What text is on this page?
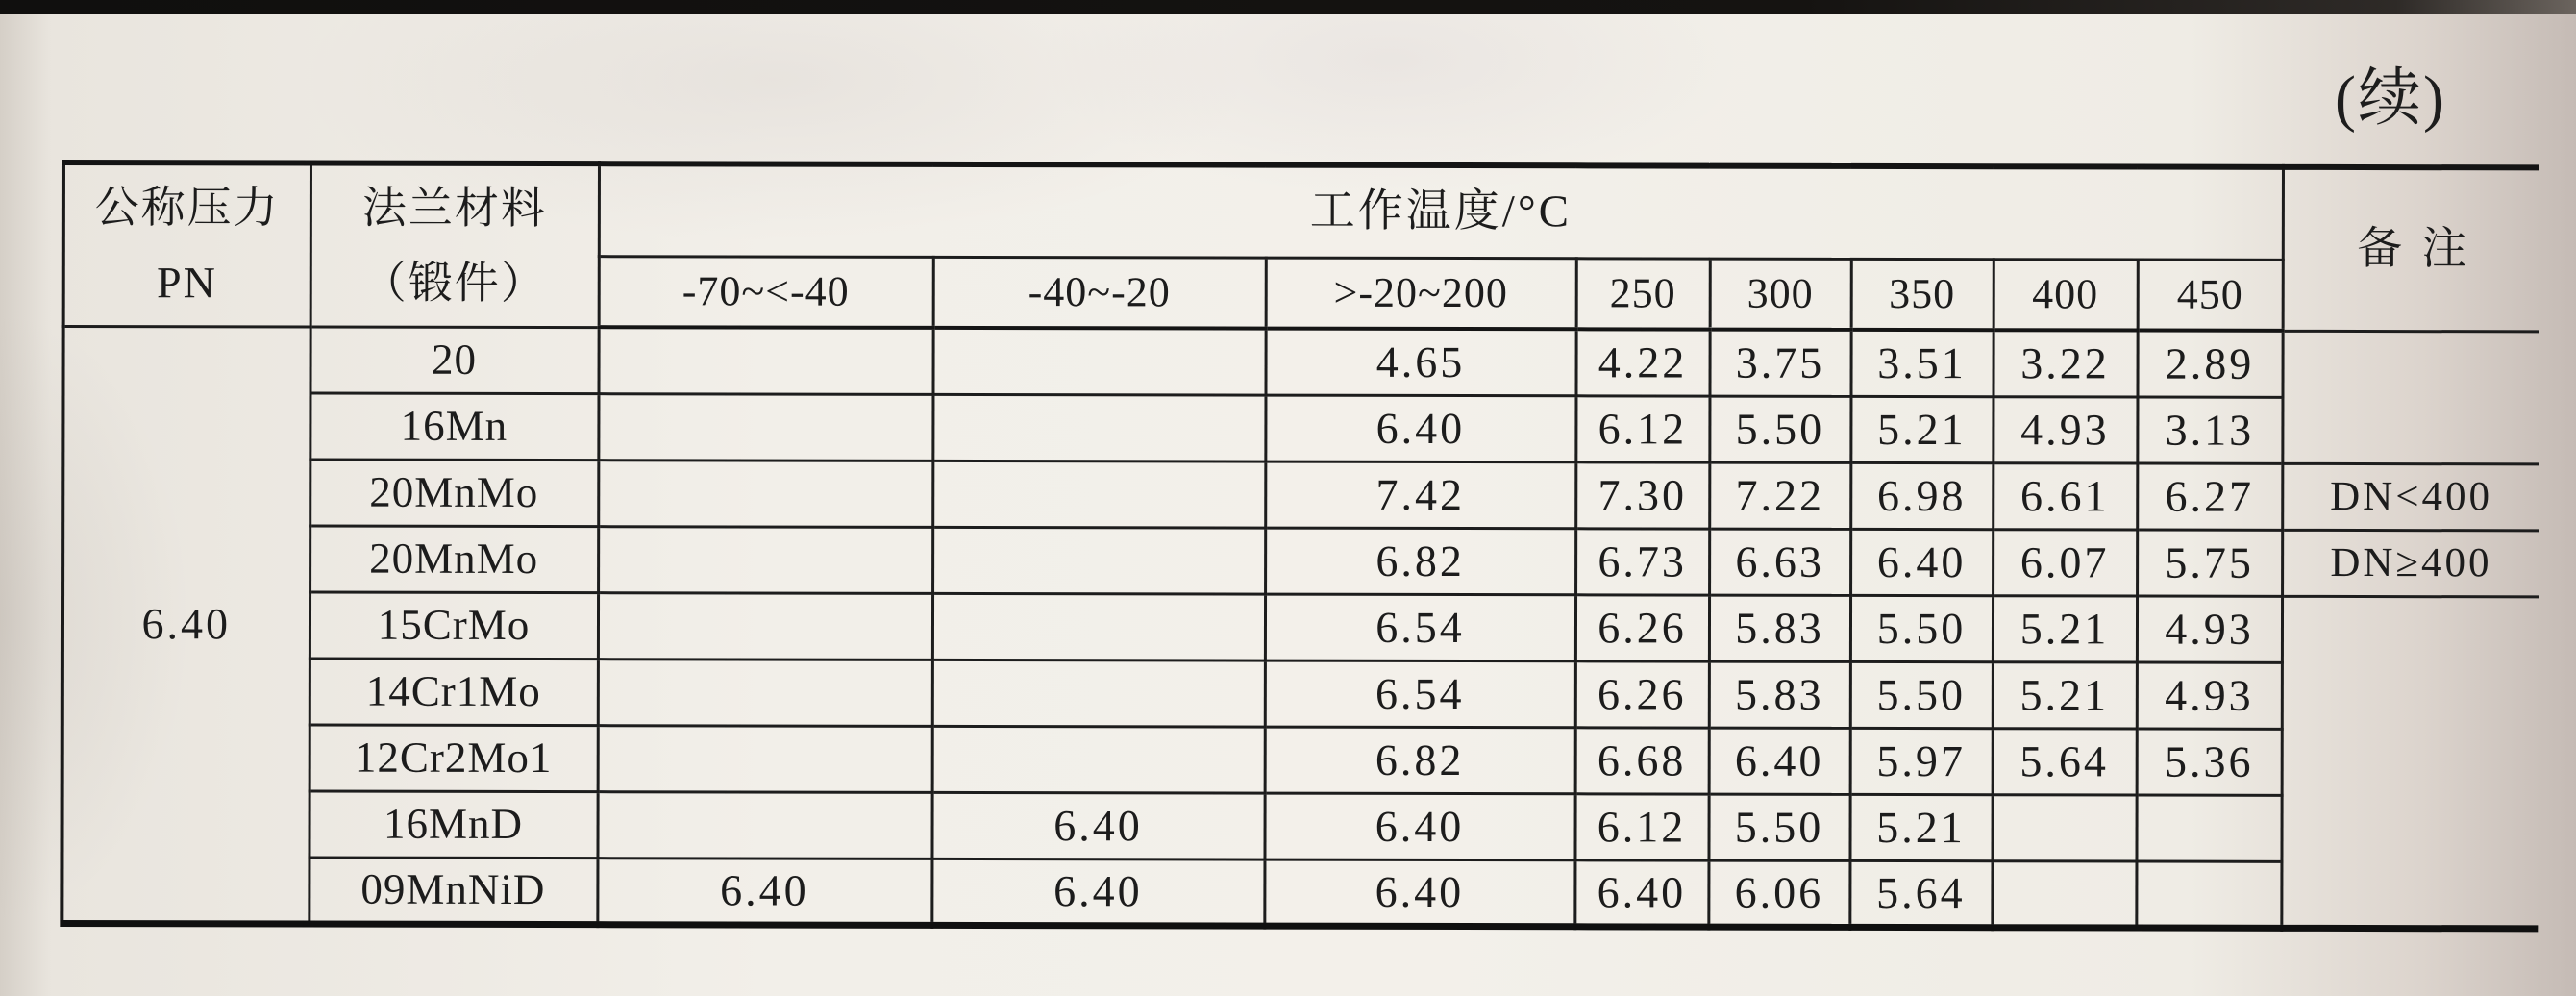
(续)
公称压力
PN

法兰材料
（锻件）
	工作温度/°C	备注
		-70~<-40	-40~-20	>-20~200	250	300	350	400	450	
6.40	20			4.65	4.22	3.75	3.51	3.22	2.89	
	16Mn			6.40	6.12	5.50	5.21	4.93	3.13	
	20MnMo			7.42	7.30	7.22	6.98	6.61	6.27	DN<400
	20MnMo			6.82	6.73	6.63	6.40	6.07	5.75	DN≥400
	15CrMo			6.54	6.26	5.83	5.50	5.21	4.93	
	14Cr1Mo			6.54	6.26	5.83	5.50	5.21	4.93	
	12Cr2Mo1			6.82	6.68	6.40	5.97	5.64	5.36	
	16MnD		6.40	6.40	6.12	5.50	5.21			
	09MnNiD	6.40	6.40	6.40	6.40	6.06	5.64			
